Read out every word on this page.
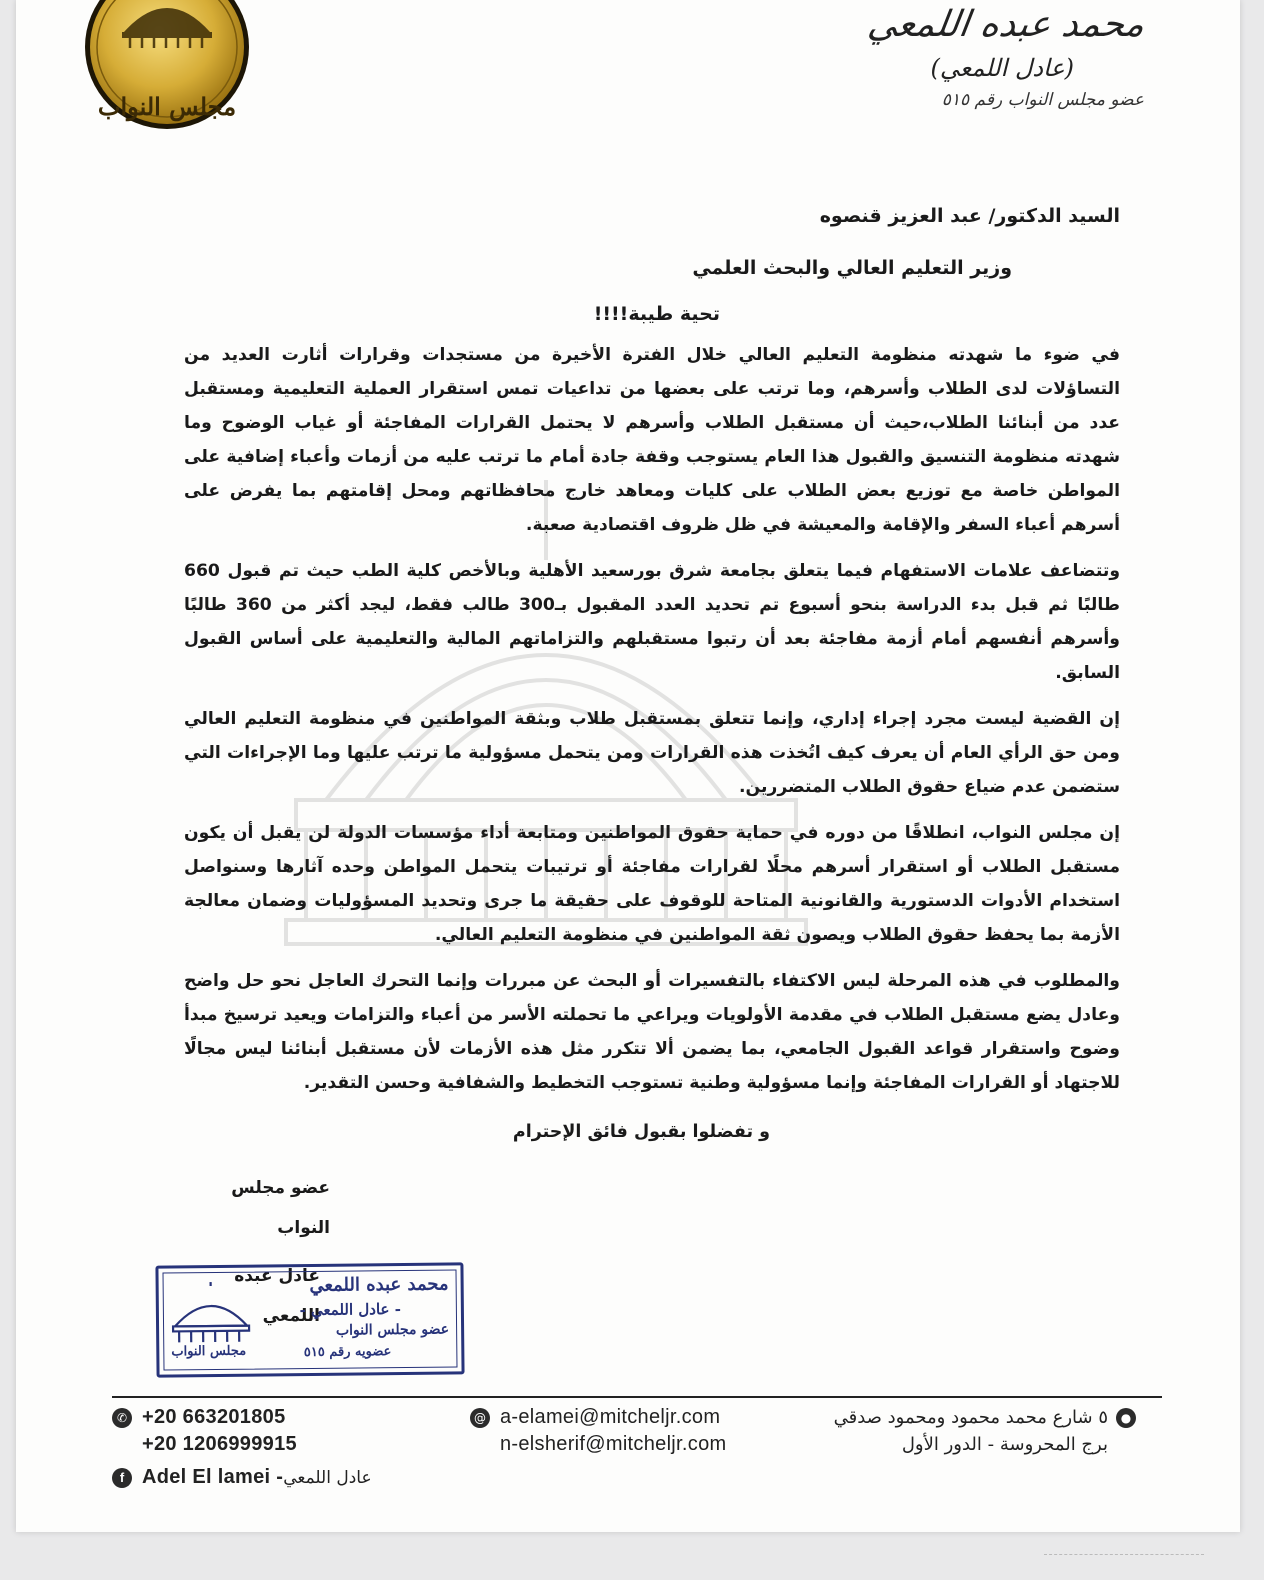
مجلس النواب
محمد عبده اللمعي
(عادل اللمعي)
عضو مجلس النواب رقم ٥١٥
السيد الدكتور/ عبد العزيز قنصوه
وزير التعليم العالي والبحث العلمي
تحية طيبة!!!!

في ضوء ما شهدته منظومة التعليم العالي خلال الفترة الأخيرة من مستجدات وقرارات أثارت العديد من التساؤلات لدى الطلاب وأسرهم، وما ترتب على بعضها من تداعيات تمس استقرار العملية التعليمية ومستقبل عدد من أبنائنا الطلاب،حيث أن مستقبل الطلاب وأسرهم لا يحتمل القرارات المفاجئة أو غياب الوضوح وما شهدته منظومة التنسيق والقبول هذا العام يستوجب وقفة جادة أمام ما ترتب عليه من أزمات وأعباء إضافية على المواطن خاصة مع توزيع بعض الطلاب على كليات ومعاهد خارج محافظاتهم ومحل إقامتهم بما يفرض على أسرهم أعباء السفر والإقامة والمعيشة في ظل ظروف اقتصادية صعبة.

وتتضاعف علامات الاستفهام فيما يتعلق بجامعة شرق بورسعيد الأهلية وبالأخص كلية الطب حيث تم قبول 660 طالبًا ثم قبل بدء الدراسة بنحو أسبوع تم تحديد العدد المقبول بـ300 طالب فقط، ليجد أكثر من 360 طالبًا وأسرهم أنفسهم أمام أزمة مفاجئة بعد أن رتبوا مستقبلهم والتزاماتهم المالية والتعليمية على أساس القبول السابق.

إن القضية ليست مجرد إجراء إداري، وإنما تتعلق بمستقبل طلاب وبثقة المواطنين في منظومة التعليم العالي ومن حق الرأي العام أن يعرف كيف اتُخذت هذه القرارات ومن يتحمل مسؤولية ما ترتب عليها وما الإجراءات التي ستضمن عدم ضياع حقوق الطلاب المتضررين.

إن مجلس النواب، انطلاقًا من دوره في حماية حقوق المواطنين ومتابعة أداء مؤسسات الدولة لن يقبل أن يكون مستقبل الطلاب أو استقرار أسرهم محلًا لقرارات مفاجئة أو ترتيبات يتحمل المواطن وحده آثارها وسنواصل استخدام الأدوات الدستورية والقانونية المتاحة للوقوف على حقيقة ما جرى وتحديد المسؤوليات وضمان معالجة الأزمة بما يحفظ حقوق الطلاب ويصون ثقة المواطنين في منظومة التعليم العالي.

والمطلوب في هذه المرحلة ليس الاكتفاء بالتفسيرات أو البحث عن مبررات وإنما التحرك العاجل نحو حل واضح وعادل يضع مستقبل الطلاب في مقدمة الأولويات ويراعي ما تحملته الأسر من أعباء والتزامات ويعيد ترسيخ مبدأ وضوح واستقرار قواعد القبول الجامعي، بما يضمن ألا تتكرر مثل هذه الأزمات لأن مستقبل أبنائنا ليس مجالًا للاجتهاد أو القرارات المفاجئة وإنما مسؤولية وطنية تستوجب التخطيط والشفافية وحسن التقدير.

و تفضلوا بقبول فائق الإحترام
عضو مجلس النواب
عادل عبده اللمعي
محمد عبده اللمعي
- عادل اللمعي -
عضو مجلس النواب
عضويه رقم ٥١٥
مجلس النواب
✆ +20 663201805
+20 1206999915
f Adel El lamei - عادل اللمعي
@ a-elamei@mitcheljr.com
n-elsherif@mitcheljr.com
●
٥ شارع محمد محمود ومحمود صدقي
برج المحروسة - الدور الأول
